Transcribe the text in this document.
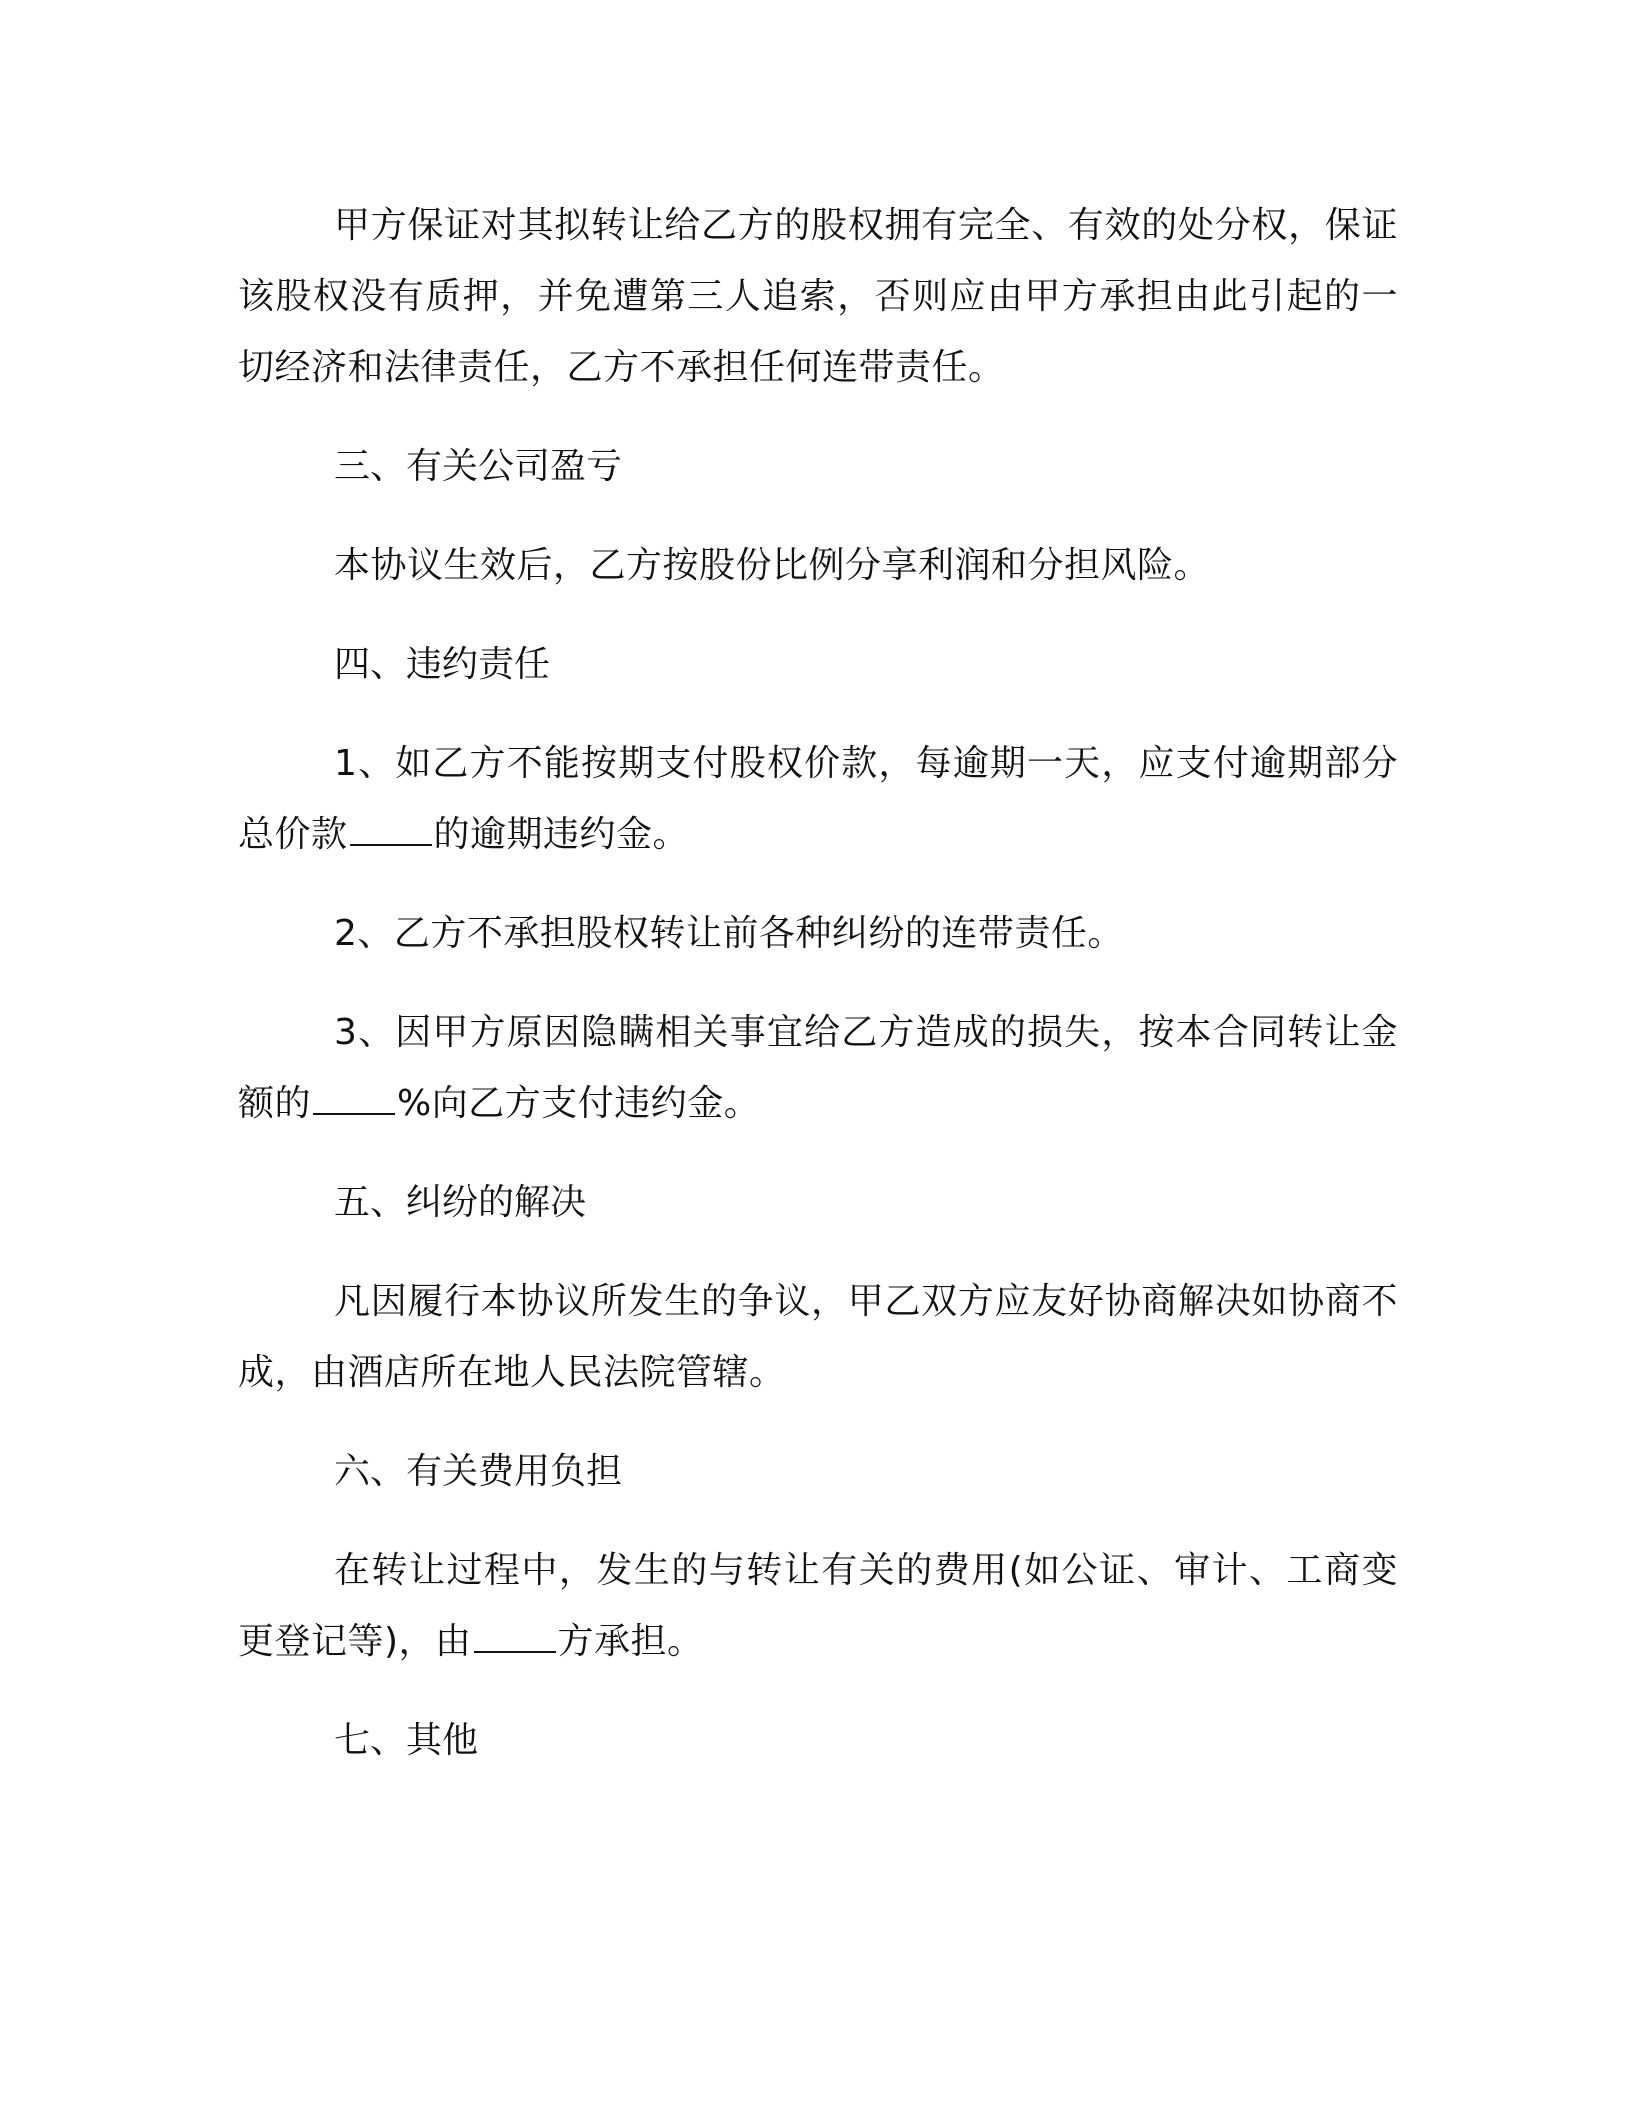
甲方保证对其拟转让给乙方的股权拥有完全、有效的处分权，保证该股权没有质押，并免遭第三人追索，否则应由甲方承担由此引起的一切经济和法律责任，乙方不承担任何连带责任。

三、有关公司盈亏

本协议生效后，乙方按股份比例分享利润和分担风险。

四、违约责任

1、如乙方不能按期支付股权价款，每逾期一天，应支付逾期部分总价款 的逾期违约金。

2、乙方不承担股权转让前各种纠纷的连带责任。

3、因甲方原因隐瞒相关事宜给乙方造成的损失，按本合同转让金额的 %向乙方支付违约金。

五、纠纷的解决

凡因履行本协议所发生的争议，甲乙双方应友好协商解决如协商不成，由酒店所在地人民法院管辖。

六、有关费用负担

在转让过程中，发生的与转让有关的费用(如公证、审计、工商变更登记等)，由 方承担。

七、其他
